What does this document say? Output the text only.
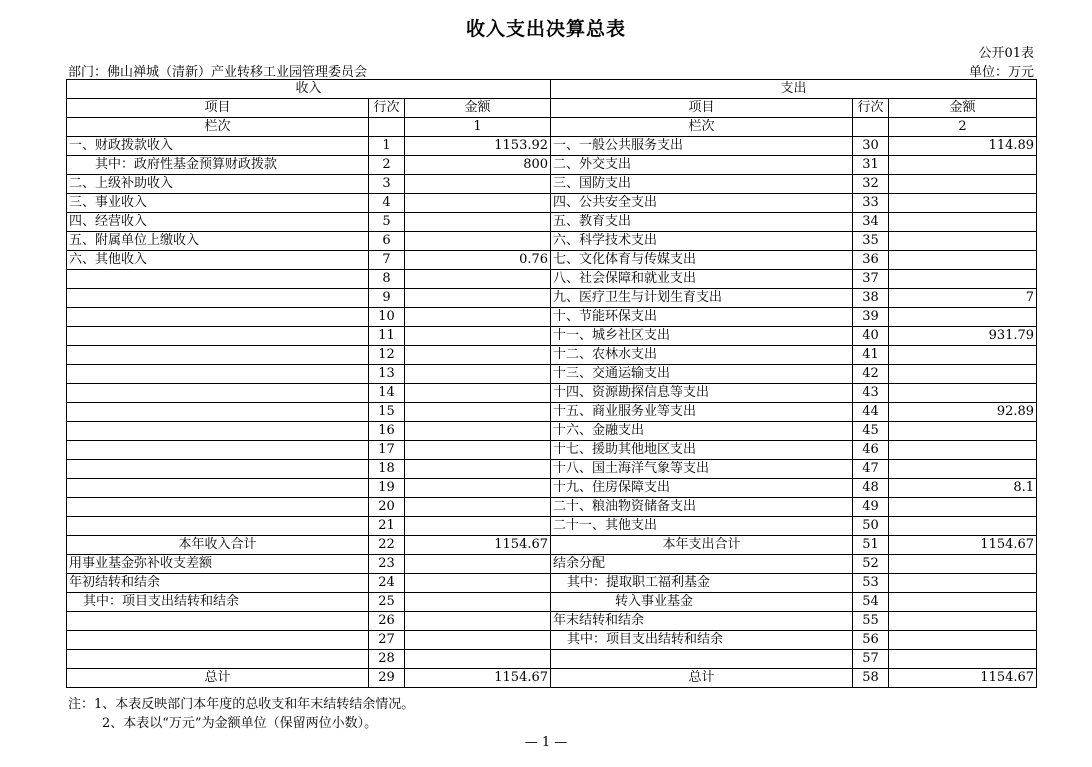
收入支出决算总表
公开01表
部门：佛山禅城（清新）产业转移工业园管理委员会	单位：万元
收入			支出		
项目	行次	金额	项目	行次	金额
栏次		1	栏次		2
一、财政拨款收入	1	1153.92	一、一般公共服务支出	30	114.89
其中：政府性基金预算财政拨款	2	800	二、外交支出	31	
二、上级补助收入	3		三、国防支出	32	
三、事业收入	4		四、公共安全支出	33	
四、经营收入	5		五、教育支出	34	
五、附属单位上缴收入	6		六、科学技术支出	35	
六、其他收入	7	0.76	七、文化体育与传媒支出	36	
	8		八、社会保障和就业支出	37	
	9		九、医疗卫生与计划生育支出	38	7
	10		十、节能环保支出	39	
	11		十一、城乡社区支出	40	931.79
	12		十二、农林水支出	41	
	13		十三、交通运输支出	42	
	14		十四、资源勘探信息等支出	43	
	15		十五、商业服务业等支出	44	92.89
	16		十六、金融支出	45	
	17		十七、援助其他地区支出	46	
	18		十八、国土海洋气象等支出	47	
	19		十九、住房保障支出	48	8.1
	20		二十、粮油物资储备支出	49	
	21		二十一、其他支出	50	
本年收入合计	22	1154.67	本年支出合计	51	1154.67
用事业基金弥补收支差额	23		结余分配	52	
年初结转和结余	24		其中：提取职工福利基金	53	
其中：项目支出结转和结余	25		转入事业基金	54	
	26		年末结转和结余	55	
	27		其中：项目支出结转和结余	56	
	28			57	
总计	29	1154.67	总计	58	1154.67
注：1、本表反映部门本年度的总收支和年末结转结余情况。
2、本表以“万元”为金额单位（保留两位小数）。
— 1 —
